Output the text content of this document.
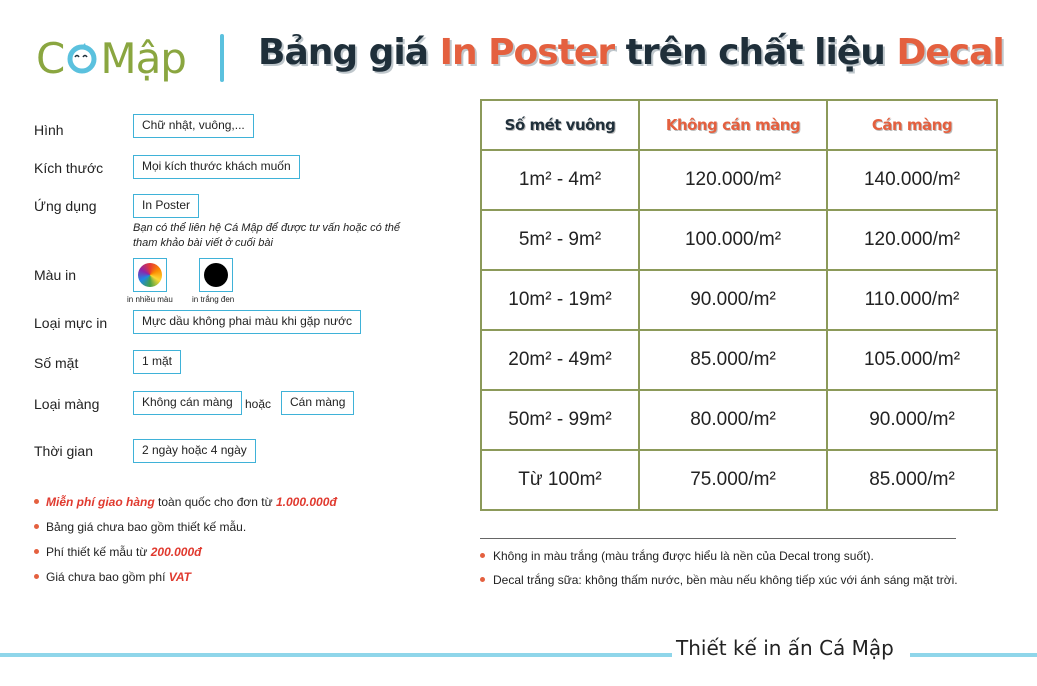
C Mập Bảng giá In Poster trên chất liệu Decal
Hình	Chữ nhật, vuông,...
Kích thước	Mọi kích thước khách muốn
Ứng dụng	In Poster
Bạn có thể liên hệ Cá Mập để được tư vấn hoặc có thể tham khảo bài viết ở cuối bài
Màu in
in nhiều màu in trắng đen
Loại mực in	Mực dầu không phai màu khi gặp nước
Số mặt	1 mặt
Loại màng	Không cán màng	hoặc	Cán màng
Thời gian	2 ngày hoặc 4 ngày
Miễn phí giao hàng toàn quốc cho đơn từ 1.000.000đ
Bảng giá chưa bao gồm thiết kế mẫu.
Phí thiết kế mẫu từ 200.000đ
Giá chưa bao gồm phí VAT
Số mét vuông	Không cán màng	Cán màng
1m² - 4m²	120.000/m²	140.000/m²
5m² - 9m²	100.000/m²	120.000/m²
10m² - 19m²	90.000/m²	110.000/m²
20m² - 49m²	85.000/m²	105.000/m²
50m² - 99m²	80.000/m²	90.000/m²
Từ 100m²	75.000/m²	85.000/m²
Không in màu trắng (màu trắng được hiểu là nền của Decal trong suốt).
Decal trắng sữa: không thấm nước, bền màu nếu không tiếp xúc với ánh sáng mặt trời.
Thiết kế in ấn Cá Mập
